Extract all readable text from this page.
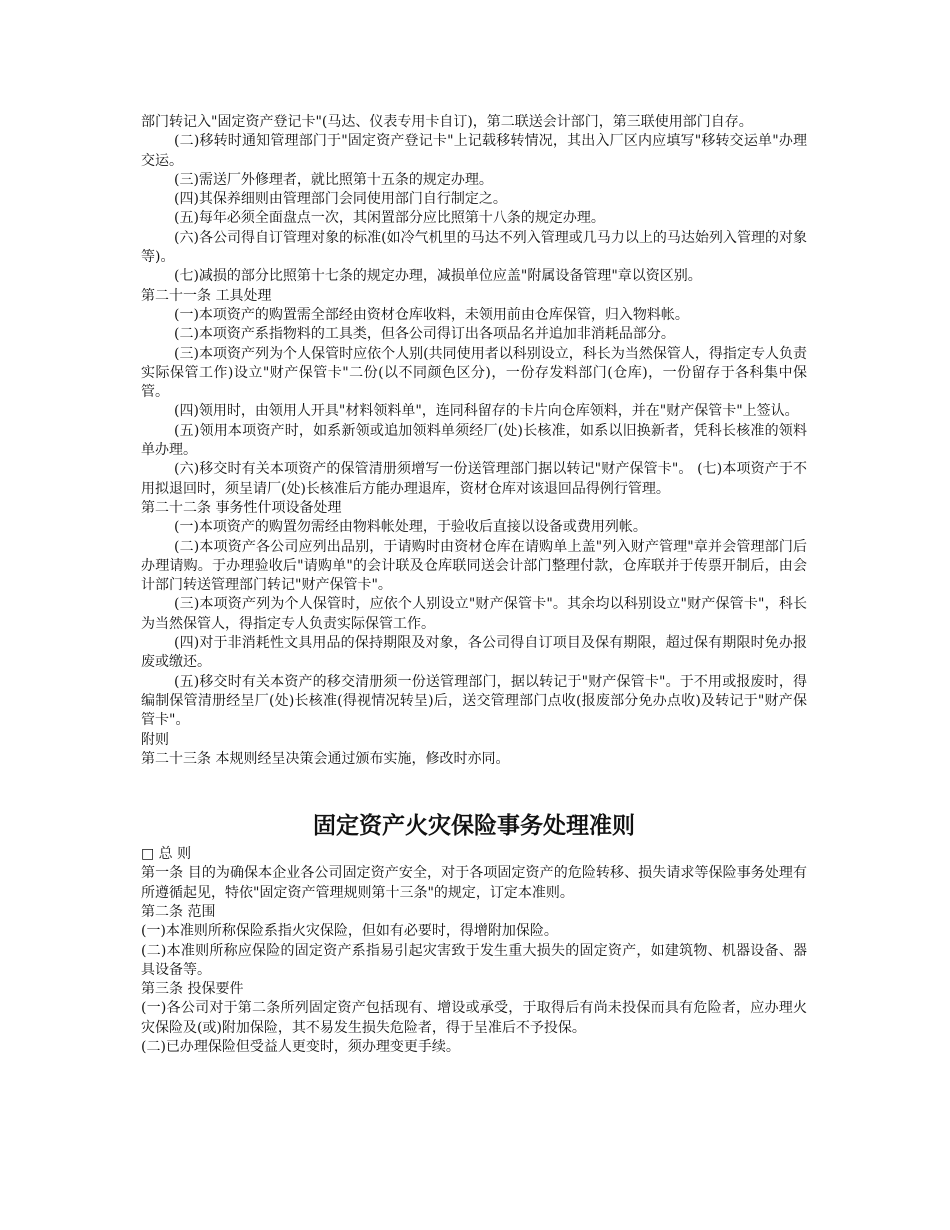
部门转记入"固定资产登记卡"(马达、仪表专用卡自订)，第二联送会计部门，第三联使用部门自存。

(二)移转时通知管理部门于"固定资产登记卡"上记载移转情况，其出入厂区内应填写"移转交运单"办理交运。

(三)需送厂外修理者，就比照第十五条的规定办理。

(四)其保养细则由管理部门会同使用部门自行制定之。

(五)每年必须全面盘点一次，其闲置部分应比照第十八条的规定办理。

(六)各公司得自订管理对象的标准(如冷气机里的马达不列入管理或几马力以上的马达始列入管理的对象等)。

(七)减损的部分比照第十七条的规定办理，减损单位应盖"附属设备管理"章以资区别。

第二十一条 工具处理

(一)本项资产的购置需全部经由资材仓库收料，未领用前由仓库保管，归入物料帐。

(二)本项资产系指物料的工具类，但各公司得订出各项品名并追加非消耗品部分。

(三)本项资产列为个人保管时应依个人别(共同使用者以科别设立，科长为当然保管人，得指定专人负责实际保管工作)设立"财产保管卡"二份(以不同颜色区分)，一份存发料部门(仓库)，一份留存于各科集中保管。

(四)领用时，由领用人开具"材料领料单"，连同科留存的卡片向仓库领料，并在"财产保管卡"上签认。

(五)领用本项资产时，如系新领或追加领料单须经厂(处)长核准，如系以旧换新者，凭科长核准的领料单办理。

(六)移交时有关本项资产的保管清册须增写一份送管理部门据以转记"财产保管卡"。 (七)本项资产于不用拟退回时，须呈请厂(处)长核准后方能办理退库，资材仓库对该退回品得例行管理。

第二十二条 事务性什项设备处理

(一)本项资产的购置勿需经由物料帐处理，于验收后直接以设备或费用列帐。

(二)本项资产各公司应列出品别，于请购时由资材仓库在请购单上盖"列入财产管理"章并会管理部门后办理请购。于办理验收后"请购单"的会计联及仓库联同送会计部门整理付款，仓库联并于传票开制后，由会计部门转送管理部门转记"财产保管卡"。

(三)本项资产列为个人保管时，应依个人别设立"财产保管卡"。其余均以科别设立"财产保管卡"，科长为当然保管人，得指定专人负责实际保管工作。

(四)对于非消耗性文具用品的保持期限及对象，各公司得自订项目及保有期限，超过保有期限时免办报废或缴还。

(五)移交时有关本资产的移交清册须一份送管理部门，据以转记于"财产保管卡"。于不用或报废时，得编制保管清册经呈厂(处)长核准(得视情况转呈)后，送交管理部门点收(报废部分免办点收)及转记于"财产保管卡"。

附则

第二十三条 本规则经呈决策会通过颁布实施，修改时亦同。

固定资产火灾保险事务处理准则

□ 总 则

第一条 目的为确保本企业各公司固定资产安全，对于各项固定资产的危险转移、损失请求等保险事务处理有所遵循起见，特依"固定资产管理规则第十三条"的规定，订定本准则。

第二条 范围

(一)本准则所称保险系指火灾保险，但如有必要时，得增附加保险。

(二)本准则所称应保险的固定资产系指易引起灾害致于发生重大损失的固定资产，如建筑物、机器设备、器具设备等。

第三条 投保要件

(一)各公司对于第二条所列固定资产包括现有、增设或承受，于取得后有尚未投保而具有危险者，应办理火灾保险及(或)附加保险，其不易发生损失危险者，得于呈准后不予投保。

(二)已办理保险但受益人更变时，须办理变更手续。
